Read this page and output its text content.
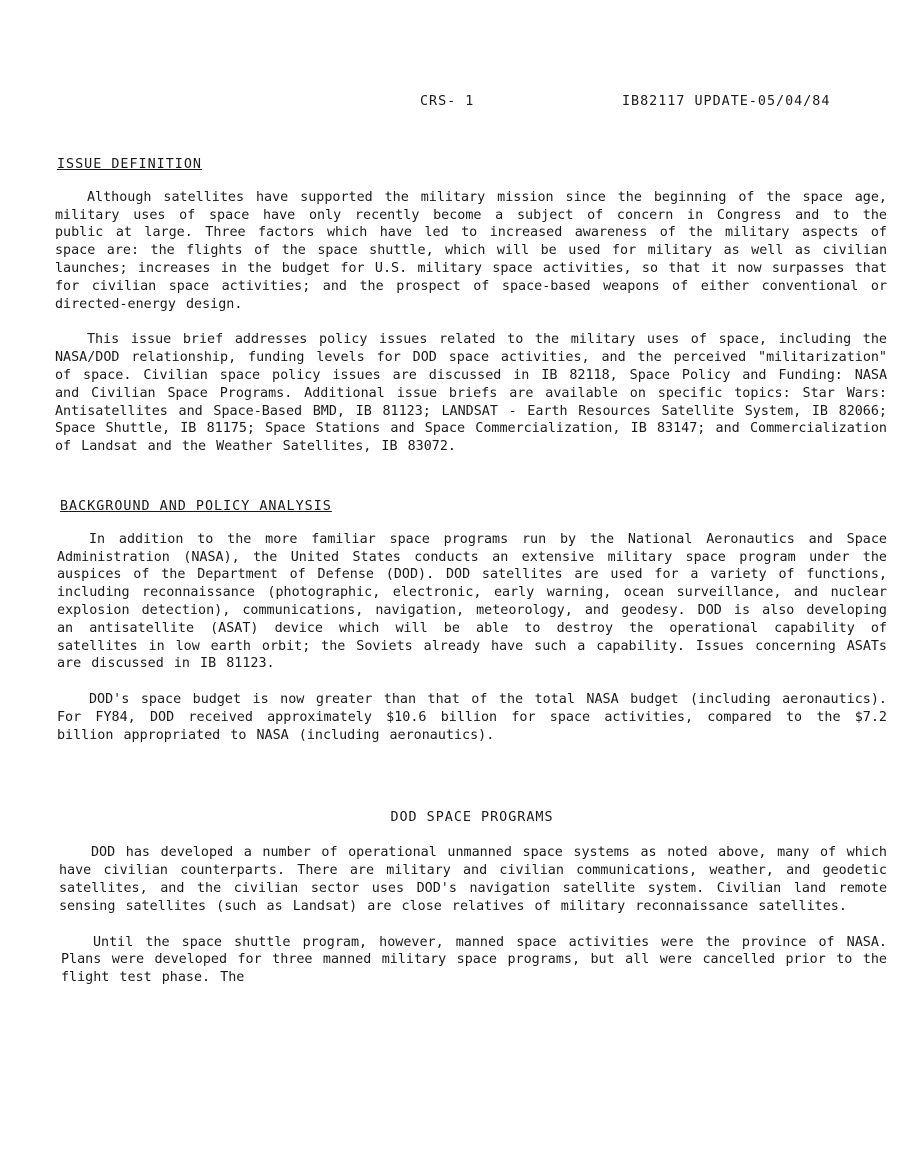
CRS- 1	IB82117 UPDATE-05/04/84

ISSUE DEFINITION

Although satellites have supported the military mission since the beginning of the space age, military uses of space have only recently become a subject of concern in Congress and to the public at large. Three factors which have led to increased awareness of the military aspects of space are: the flights of the space shuttle, which will be used for military as well as civilian launches; increases in the budget for U.S. military space activities, so that it now surpasses that for civilian space activities; and the prospect of space-based weapons of either conventional or directed-energy design.

This issue brief addresses policy issues related to the military uses of space, including the NASA/DOD relationship, funding levels for DOD space activities, and the perceived "militarization" of space. Civilian space policy issues are discussed in IB 82118, Space Policy and Funding: NASA and Civilian Space Programs. Additional issue briefs are available on specific topics: Star Wars: Antisatellites and Space-Based BMD, IB 81123; LANDSAT - Earth Resources Satellite System, IB 82066; Space Shuttle, IB 81175; Space Stations and Space Commercialization, IB 83147; and Commercialization of Landsat and the Weather Satellites, IB 83072.

BACKGROUND AND POLICY ANALYSIS

In addition to the more familiar space programs run by the National Aeronautics and Space Administration (NASA), the United States conducts an extensive military space program under the auspices of the Department of Defense (DOD). DOD satellites are used for a variety of functions, including reconnaissance (photographic, electronic, early warning, ocean surveillance, and nuclear explosion detection), communications, navigation, meteorology, and geodesy. DOD is also developing an antisatellite (ASAT) device which will be able to destroy the operational capability of satellites in low earth orbit; the Soviets already have such a capability. Issues concerning ASATs are discussed in IB 81123.

DOD's space budget is now greater than that of the total NASA budget (including aeronautics). For FY84, DOD received approximately $10.6 billion for space activities, compared to the $7.2 billion appropriated to NASA (including aeronautics).

DOD SPACE PROGRAMS

DOD has developed a number of operational unmanned space systems as noted above, many of which have civilian counterparts. There are military and civilian communications, weather, and geodetic satellites, and the civilian sector uses DOD's navigation satellite system. Civilian land remote sensing satellites (such as Landsat) are close relatives of military reconnaissance satellites.

Until the space shuttle program, however, manned space activities were the province of NASA. Plans were developed for three manned military space programs, but all were cancelled prior to the flight test phase. The
